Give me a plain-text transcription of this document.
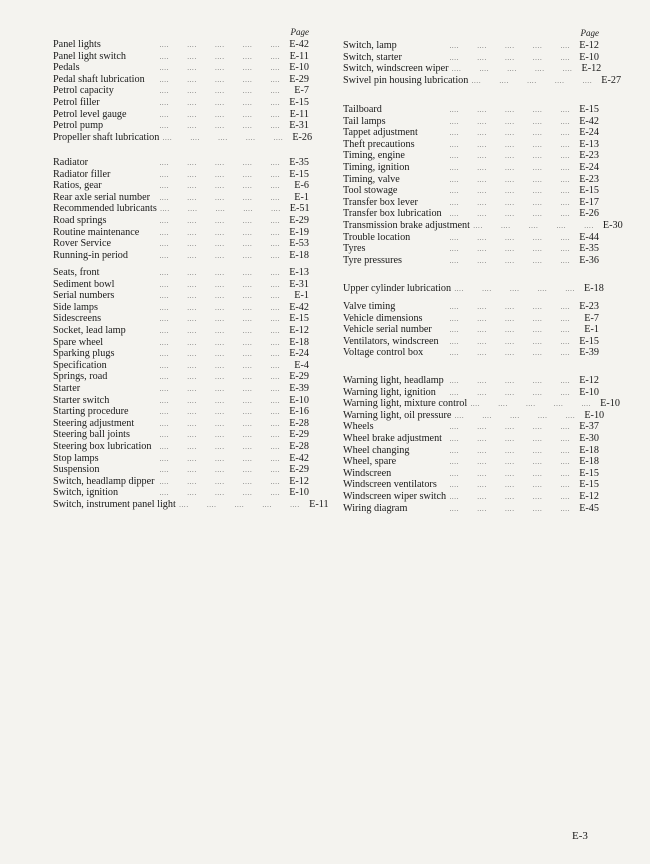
Page
Panel lights	….        ….        ….        ….        …. E-42
Panel light switch	….        ….        ….        ….        …. E-11
Pedals	….        ….        ….        ….        …. E-10
Pedal shaft lubrication	….        ….        ….        ….        …. E-29
Petrol capacity	….        ….        ….        ….        ….	E-7
Petrol filler	….        ….        ….        ….        …. E-15
Petrol level gauge	….        ….        ….        ….        …. E-11
Petrol pump	….        ….        ….        ….        …. E-31
Propeller shaft lubrication ….        ….        ….        ….        …. E-26
Radiator	….        ….        ….        ….        …. E-35
Radiator filler	….        ….        ….        ….        …. E-15
Ratios, gear	….        ….        ….        ….        ….	E-6
Rear axle serial number	….        ….        ….        ….        ….	E-1
Recommended lubricants ….        ….        ….        ….        …. E-51
Road springs	….        ….        ….        ….        …. E-29
Routine maintenance	….        ….        ….        ….        …. E-19
Rover Service	….        ….        ….        ….        …. E-53
Running-in period	….        ….        ….        ….        …. E-18
Seats, front	….        ….        ….        ….        …. E-13
Sediment bowl	….        ….        ….        ….        …. E-31
Serial numbers	….        ….        ….        ….        ….	E-1
Side lamps	….        ….        ….        ….        …. E-42
Sidescreens	….        ….        ….        ….        …. E-15
Socket, lead lamp	….        ….        ….        ….        …. E-12
Spare wheel	….        ….        ….        ….        …. E-18
Sparking plugs	….        ….        ….        ….        …. E-24
Specification	….        ….        ….        ….        ….	E-4
Springs, road	….        ….        ….        ….        …. E-29
Starter	….        ….        ….        ….        …. E-39
Starter switch	….        ….        ….        ….        …. E-10
Starting procedure	….        ….        ….        ….        …. E-16
Steering adjustment	….        ….        ….        ….        …. E-28
Steering ball joints	….        ….        ….        ….        …. E-29
Steering box lubrication	….        ….        ….        ….        …. E-28
Stop lamps	….        ….        ….        ….        …. E-42
Suspension	….        ….        ….        ….        …. E-29
Switch, headlamp dipper ….        ….        ….        ….        …. E-12
Switch, ignition	….        ….        ….        ….        …. E-10
Switch, instrument panel light ….        ….        ….        ….        …. E-11
Page
Switch, lamp	….        ….        ….        ….        …. E-12
Switch, starter	….        ….        ….        ….        …. E-10
Switch, windscreen wiper ….        ….        ….        ….        …. E-12
Swivel pin housing lubrication ….        ….        ….        ….        …. E-27
Tailboard	….        ….        ….        ….        …. E-15
Tail lamps	….        ….        ….        ….        …. E-42
Tappet adjustment	….        ….        ….        ….        …. E-24
Theft precautions	….        ….        ….        ….        …. E-13
Timing, engine	….        ….        ….        ….        …. E-23
Timing, ignition	….        ….        ….        ….        …. E-24
Timing, valve	….        ….        ….        ….        …. E-23
Tool stowage	….        ….        ….        ….        …. E-15
Transfer box lever	….        ….        ….        ….        …. E-17
Transfer box lubrication	….        ….        ….        ….        …. E-26
Transmission brake adjustment ….        ….        ….        ….        …. E-30
Trouble location	….        ….        ….        ….        …. E-44
Tyres	….        ….        ….        ….        …. E-35
Tyre pressures	….        ….        ….        ….        …. E-36
Upper cylinder lubrication ….        ….        ….        ….        …. E-18
Valve timing	….        ….        ….        ….        …. E-23
Vehicle dimensions	….        ….        ….        ….        ….	E-7
Vehicle serial number	….        ….        ….        ….        ….	E-1
Ventilators, windscreen	….        ….        ….        ….        …. E-15
Voltage control box	….        ….        ….        ….        …. E-39
Warning light, headlamp ….        ….        ….        ….        …. E-12
Warning light, ignition	….        ….        ….        ….        …. E-10
Warning light, mixture control ….        ….        ….        ….        …. E-10
Warning light, oil pressure ….        ….        ….        ….        …. E-10
Wheels	….        ….        ….        ….        …. E-37
Wheel brake adjustment	….        ….        ….        ….        …. E-30
Wheel changing	….        ….        ….        ….        …. E-18
Wheel, spare	….        ….        ….        ….        …. E-18
Windscreen	….        ….        ….        ….        …. E-15
Windscreen ventilators	….        ….        ….        ….        …. E-15
Windscreen wiper switch ….        ….        ….        ….        …. E-12
Wiring diagram	….        ….        ….        ….        …. E-45
E-3
